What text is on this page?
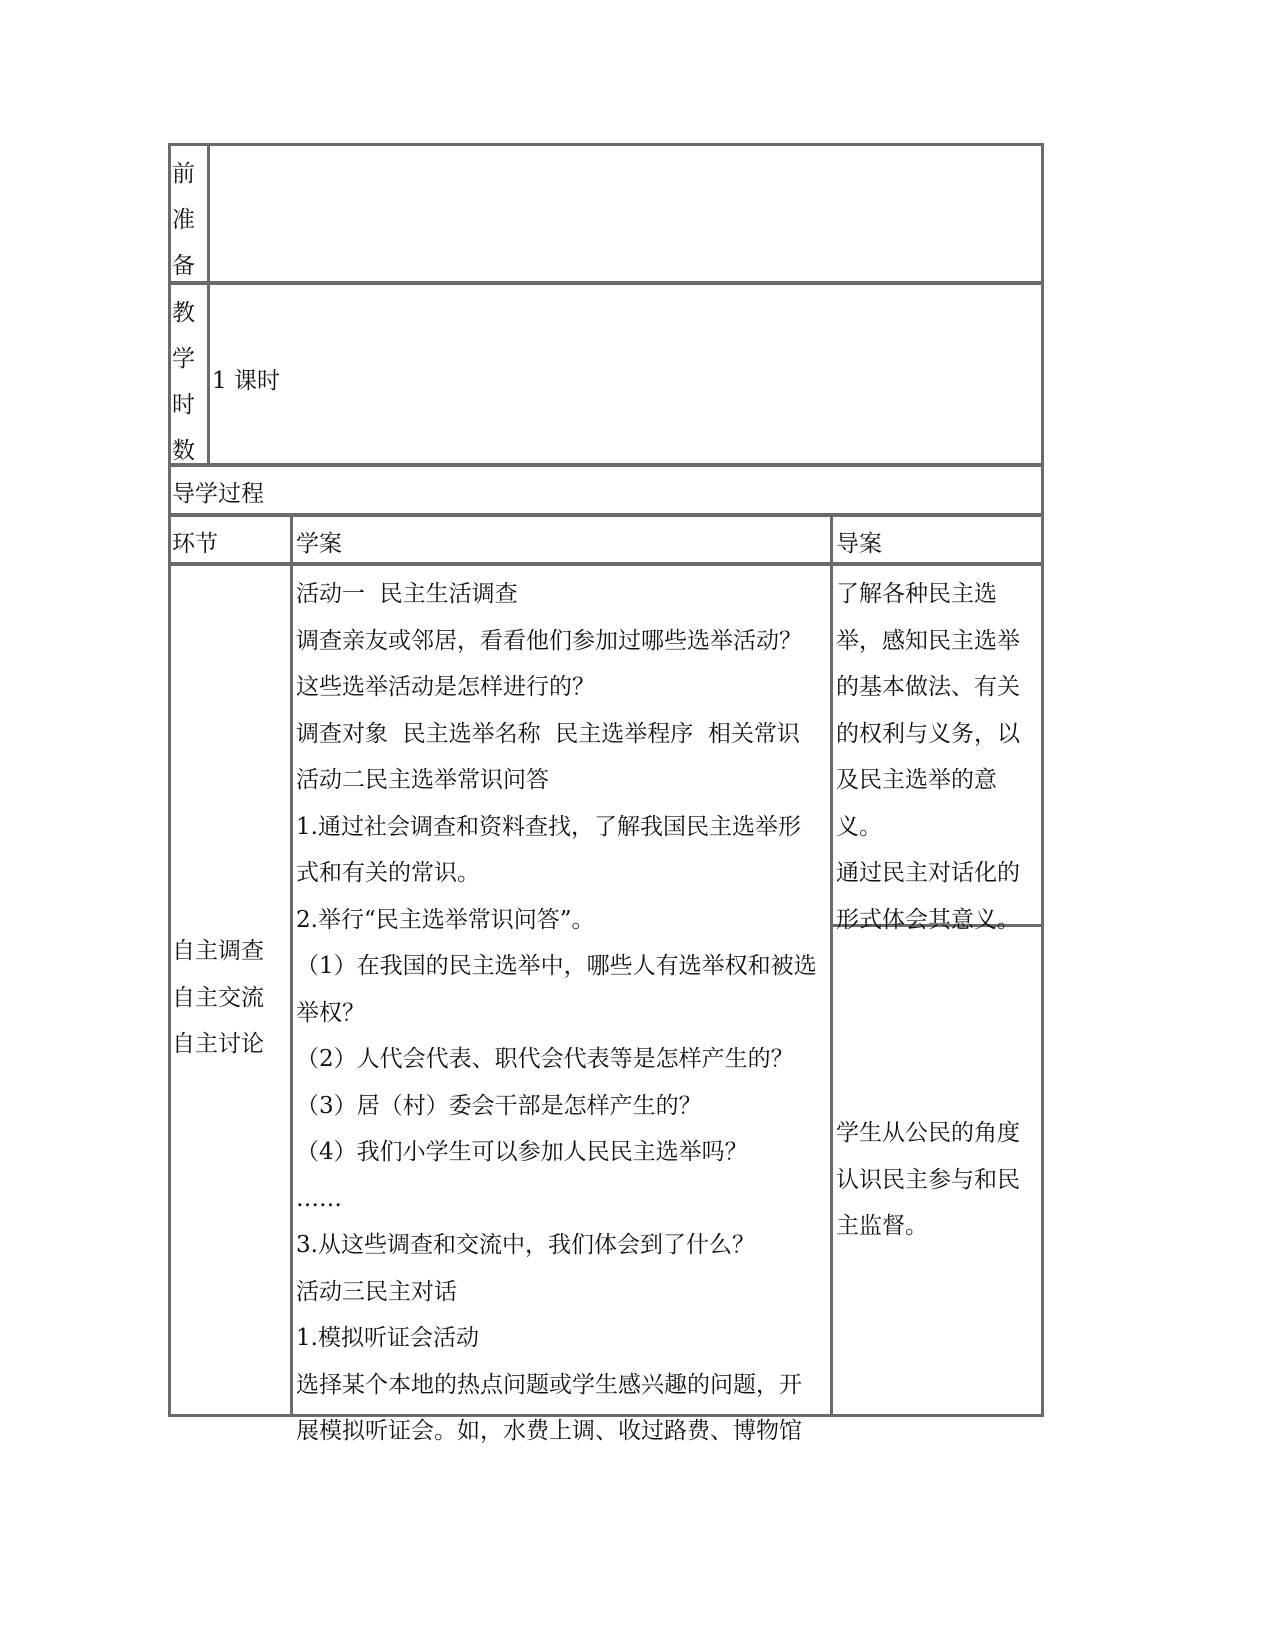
前
准
备
教
学
时
数
1 课时
导学过程
环节	学案	导案
自主调查
自主交流
自主讨论
活动一  民主生活调查
调查亲友或邻居，看看他们参加过哪些选举活动？
这些选举活动是怎样进行的？
调查对象  民主选举名称  民主选举程序  相关常识
活动二民主选举常识问答
1.通过社会调查和资料查找，了解我国民主选举形
式和有关的常识。
2.举行“民主选举常识问答”。
（1）在我国的民主选举中，哪些人有选举权和被选
举权？
（2）人代会代表、职代会代表等是怎样产生的？
（3）居（村）委会干部是怎样产生的？
（4）我们小学生可以参加人民民主选举吗？
……
3.从这些调查和交流中，我们体会到了什么？
活动三民主对话
1.模拟听证会活动
选择某个本地的热点问题或学生感兴趣的问题，开
展模拟听证会。如，水费上调、收过路费、博物馆
了解各种民主选
举，感知民主选举
的基本做法、有关
的权利与义务，以
及民主选举的意
义。
通过民主对话化的
形式体会其意义。
学生从公民的角度
认识民主参与和民
主监督。
